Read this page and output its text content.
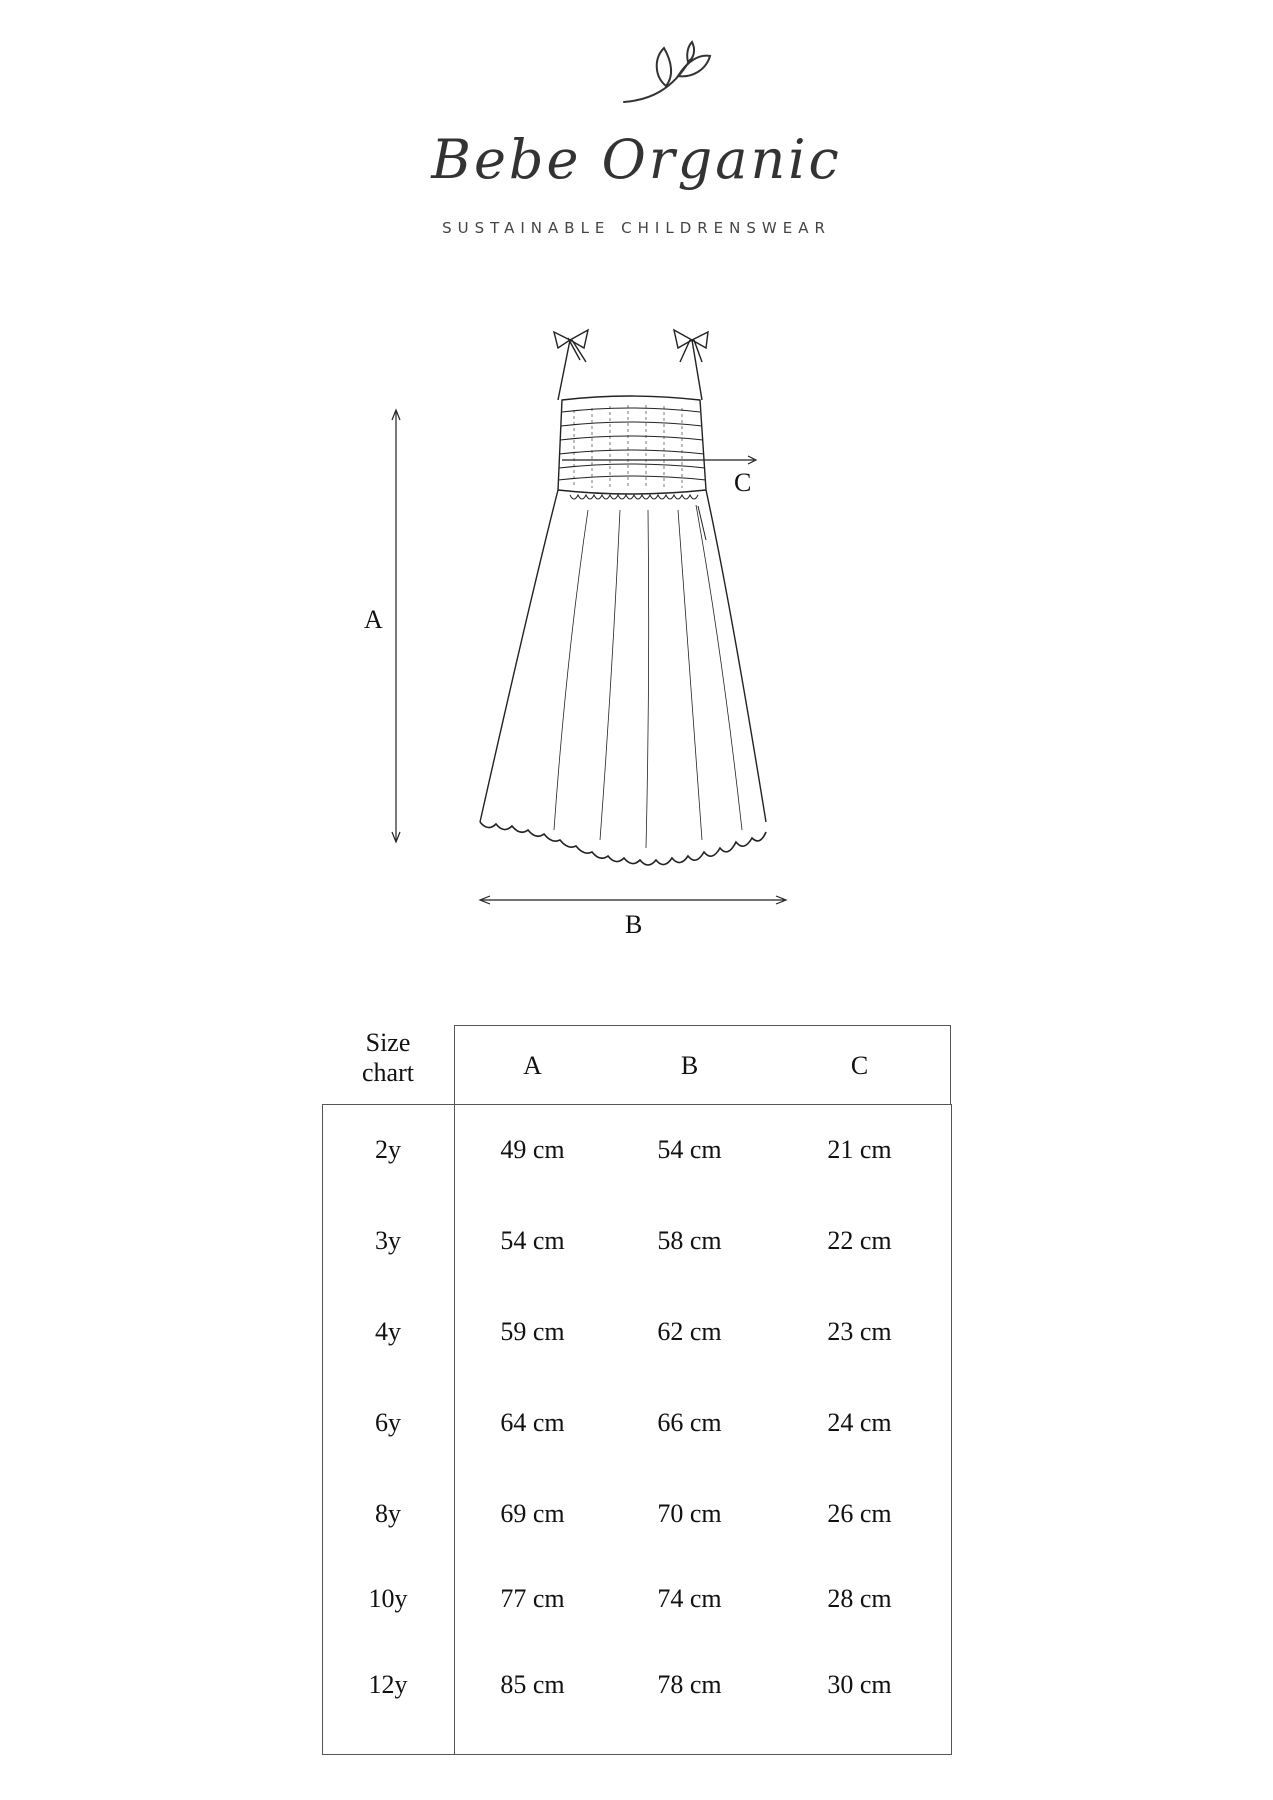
Bebe Organic
SUSTAINABLE CHILDRENSWEAR
A
B
C
Size
chart	A	B	C
2y	49 cm	54 cm	21 cm
3y	54 cm	58 cm	22 cm
4y	59 cm	62 cm	23 cm
6y	64 cm	66 cm	24 cm
8y	69 cm	70 cm	26 cm
10y	77 cm	74 cm	28 cm
12y	85 cm	78 cm	30 cm
